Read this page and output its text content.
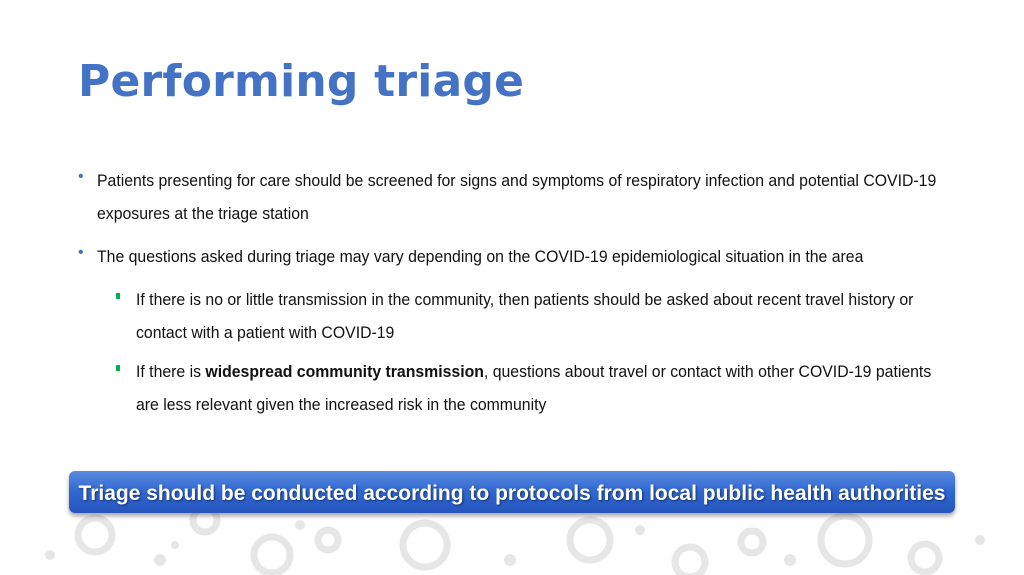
Performing triage
• Patients presenting for care should be screened for signs and symptoms of respiratory infection and potential COVID-19 exposures at the triage station
• The questions asked during triage may vary depending on the COVID-19 epidemiological situation in the area
If there is no or little transmission in the community, then patients should be asked about recent travel history or contact with a patient with COVID-19
If there is widespread community transmission, questions about travel or contact with other COVID-19 patients are less relevant given the increased risk in the community
Triage should be conducted according to protocols from local public health authorities
